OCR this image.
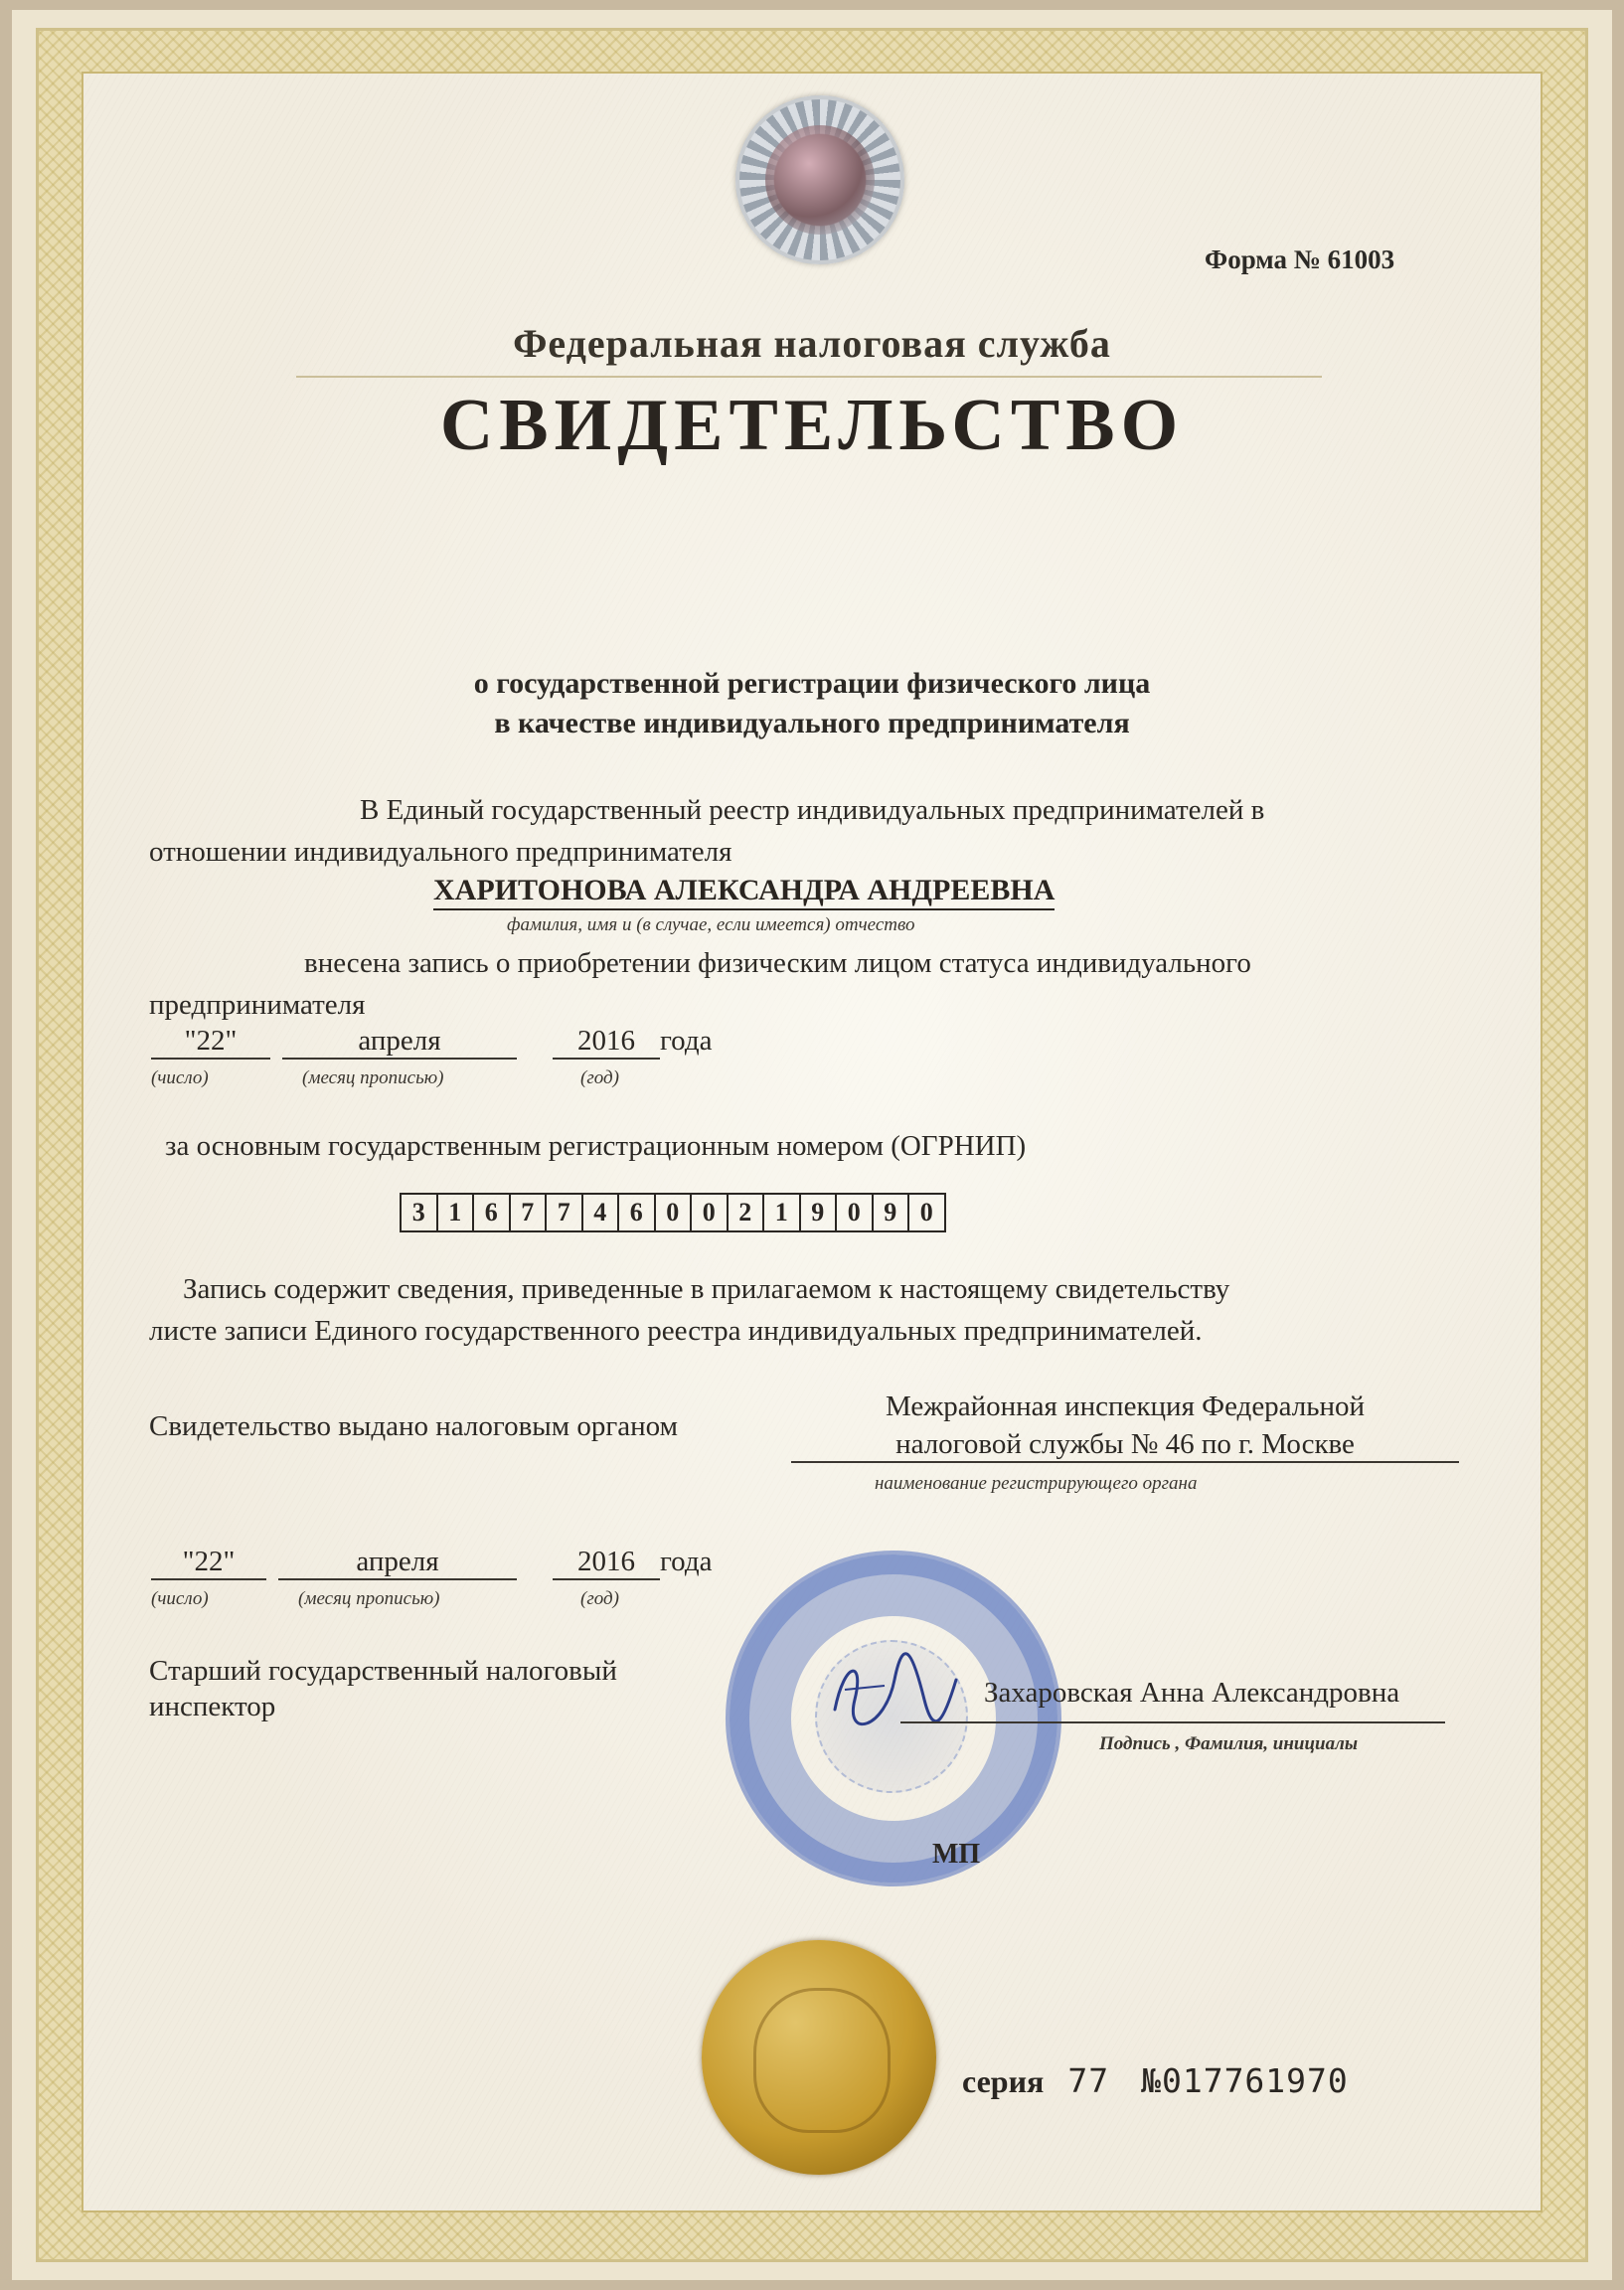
Форма № 61003
Федеральная налоговая служба
СВИДЕТЕЛЬСТВО
о государственной регистрации физического лица
в качестве индивидуального предпринимателя
В Единый государственный реестр индивидуальных предпринимателей в
отношении индивидуального предпринимателя
ХАРИТОНОВА АЛЕКСАНДРА АНДРЕЕВНА
фамилия, имя и (в случае, если имеется) отчество
внесена запись о приобретении физическим лицом статуса индивидуального
предпринимателя
"22"	апреля	2016 года
(число)	(месяц прописью)	(год)
за основным государственным регистрационным номером (ОГРНИП)
3 1 6 7 7 4 6 0 0 2 1 9 0 9 0
Запись содержит сведения, приведенные в прилагаемом к настоящему свидетельству
листе записи Единого государственного реестра индивидуальных предпринимателей.
Свидетельство выдано налоговым органом
Межрайонная инспекция Федеральной
налоговой службы № 46 по г. Москве
наименование регистрирующего органа
"22"	апреля	2016 года
(число)	(месяц прописью)	(год)
Старший государственный налоговый
инспектор	Захаровская Анна Александровна
Подпись , Фамилия, инициалы
МП
серия 77 №017761970
